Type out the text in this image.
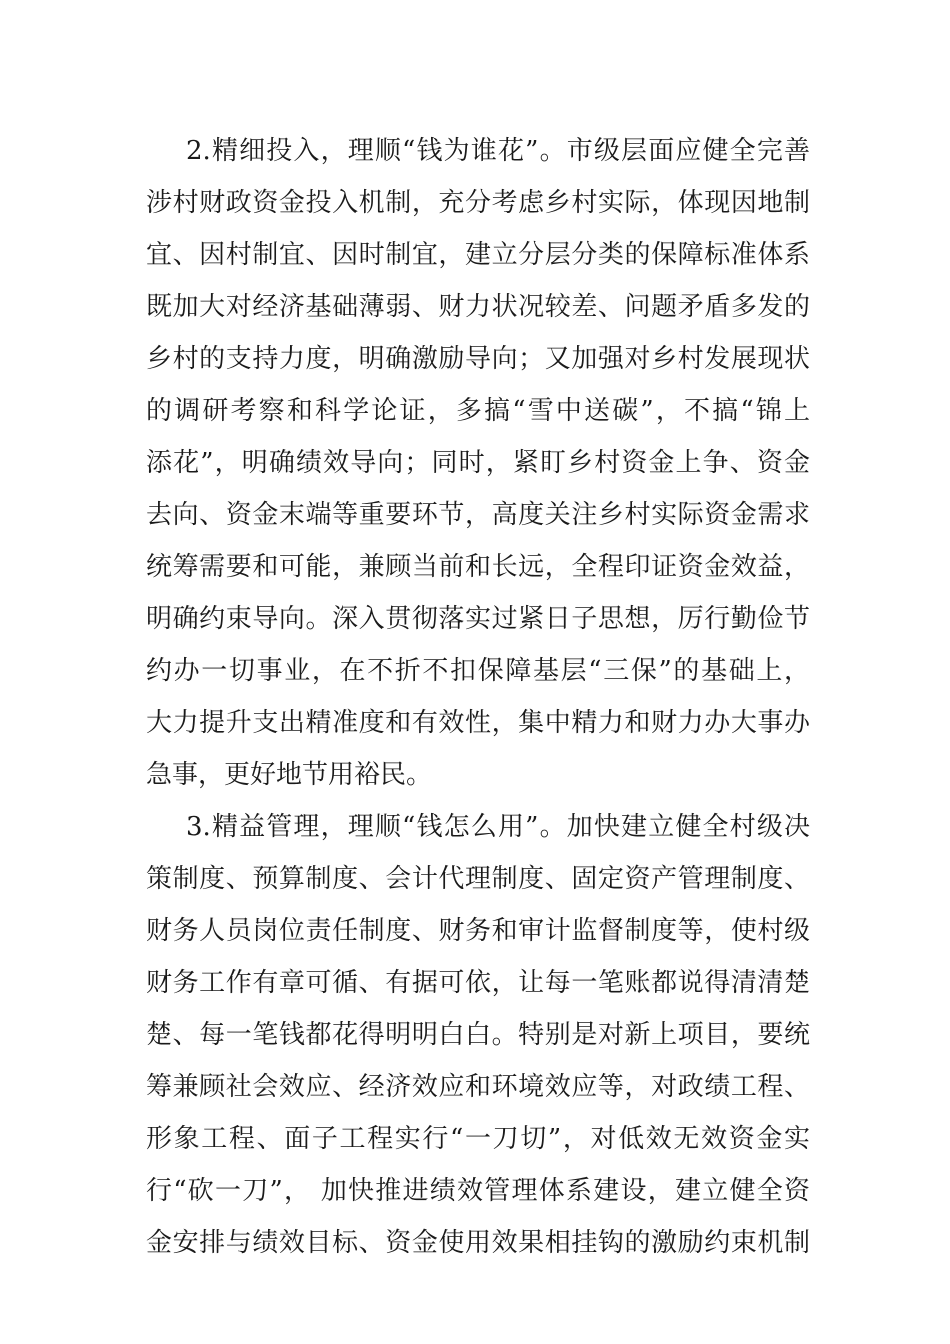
2.精细投入，理顺“钱为谁花”。市级层面应健全完善
涉村财政资金投入机制，充分考虑乡村实际，体现因地制
宜、因村制宜、因时制宜，建立分层分类的保障标准体系
既加大对经济基础薄弱、财力状况较差、问题矛盾多发的
乡村的支持力度，明确激励导向；又加强对乡村发展现状
的调研考察和科学论证，多搞“雪中送碳”，不搞“锦上
添花”，明确绩效导向；同时，紧盯乡村资金上争、资金
去向、资金末端等重要环节，高度关注乡村实际资金需求
统筹需要和可能，兼顾当前和长远，全程印证资金效益，
明确约束导向。深入贯彻落实过紧日子思想，厉行勤俭节
约办一切事业，在不折不扣保障基层“三保”的基础上，
大力提升支出精准度和有效性，集中精力和财力办大事办
急事，更好地节用裕民。
3.精益管理，理顺“钱怎么用”。加快建立健全村级决
策制度、预算制度、会计代理制度、固定资产管理制度、
财务人员岗位责任制度、财务和审计监督制度等，使村级
财务工作有章可循、有据可依，让每一笔账都说得清清楚
楚、每一笔钱都花得明明白白。特别是对新上项目，要统
筹兼顾社会效应、经济效应和环境效应等，对政绩工程、
形象工程、面子工程实行“一刀切”，对低效无效资金实
行“砍一刀”， 加快推进绩效管理体系建设，建立健全资
金安排与绩效目标、资金使用效果相挂钩的激励约束机制
